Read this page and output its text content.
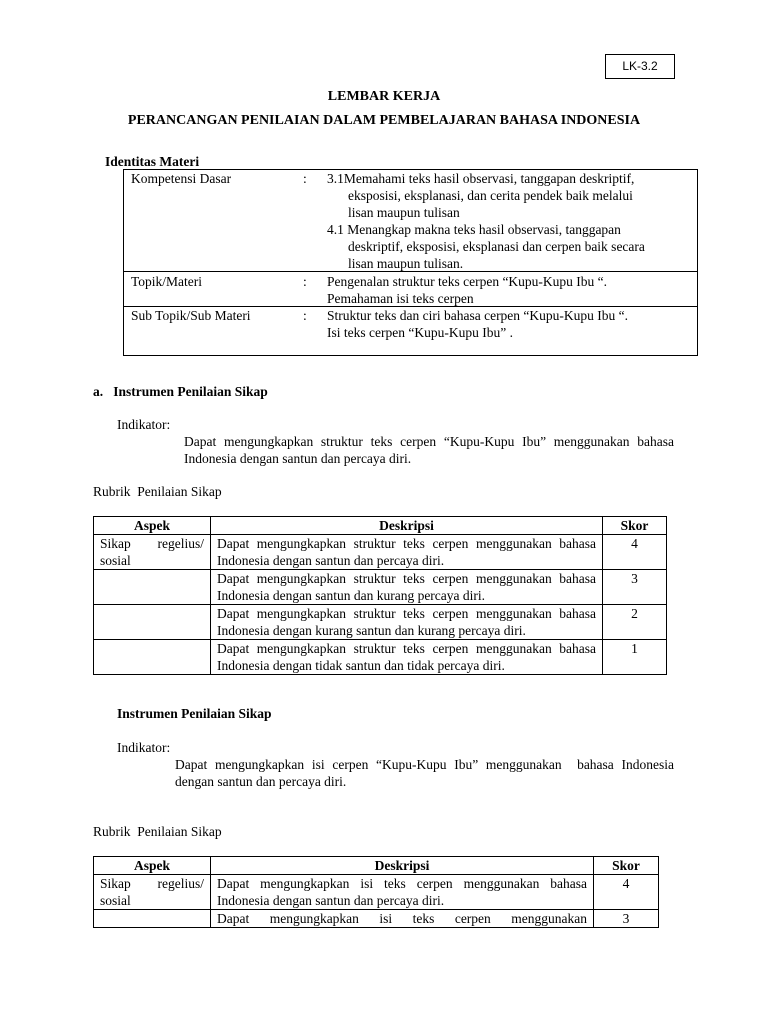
LK-3.2
LEMBAR KERJA
PERANCANGAN PENILAIAN DALAM PEMBELAJARAN BAHASA INDONESIA
Identitas Materi
Kompetensi Dasar	: 3.1Memahami teks hasil observasi, tanggapan deskriptif,
eksposisi, eksplanasi, dan cerita pendek baik melalui
lisan maupun tulisan
4.1 Menangkap makna teks hasil observasi, tanggapan
deskriptif, eksposisi, eksplanasi dan cerpen baik secara
lisan maupun tulisan.
Topik/Materi	: Pengenalan struktur teks cerpen “Kupu-Kupu Ibu “.
Pemahaman isi teks cerpen
Sub Topik/Sub Materi	: Struktur teks dan ciri bahasa cerpen “Kupu-Kupu Ibu “.
Isi teks cerpen “Kupu-Kupu Ibu” .
a.   Instrumen Penilaian Sikap
Indikator:
Dapat mengungkapkan struktur teks cerpen “Kupu-Kupu Ibu” menggunakan bahasa Indonesia dengan santun dan percaya diri.
Rubrik  Penilaian Sikap
Aspek	Deskripsi	Skor
Sikap regelius/ sosial	Dapat mengungkapkan struktur teks cerpen menggunakan bahasa Indonesia dengan santun dan percaya diri.	4
	Dapat mengungkapkan struktur teks cerpen menggunakan bahasa Indonesia dengan santun dan kurang percaya diri.	3
	Dapat mengungkapkan struktur teks cerpen menggunakan bahasa Indonesia dengan kurang santun dan kurang percaya diri.	2
	Dapat mengungkapkan struktur teks cerpen menggunakan bahasa Indonesia dengan tidak santun dan tidak percaya diri.	1
Instrumen Penilaian Sikap
Indikator:
Dapat mengungkapkan isi cerpen “Kupu-Kupu Ibu” menggunakan  bahasa Indonesia dengan santun dan percaya diri.
Rubrik  Penilaian Sikap
Aspek	Deskripsi	Skor
Sikap regelius/ sosial	Dapat mengungkapkan isi teks cerpen menggunakan bahasa Indonesia dengan santun dan percaya diri.	4
	Dapat mengungkapkan isi teks cerpen menggunakan	3
